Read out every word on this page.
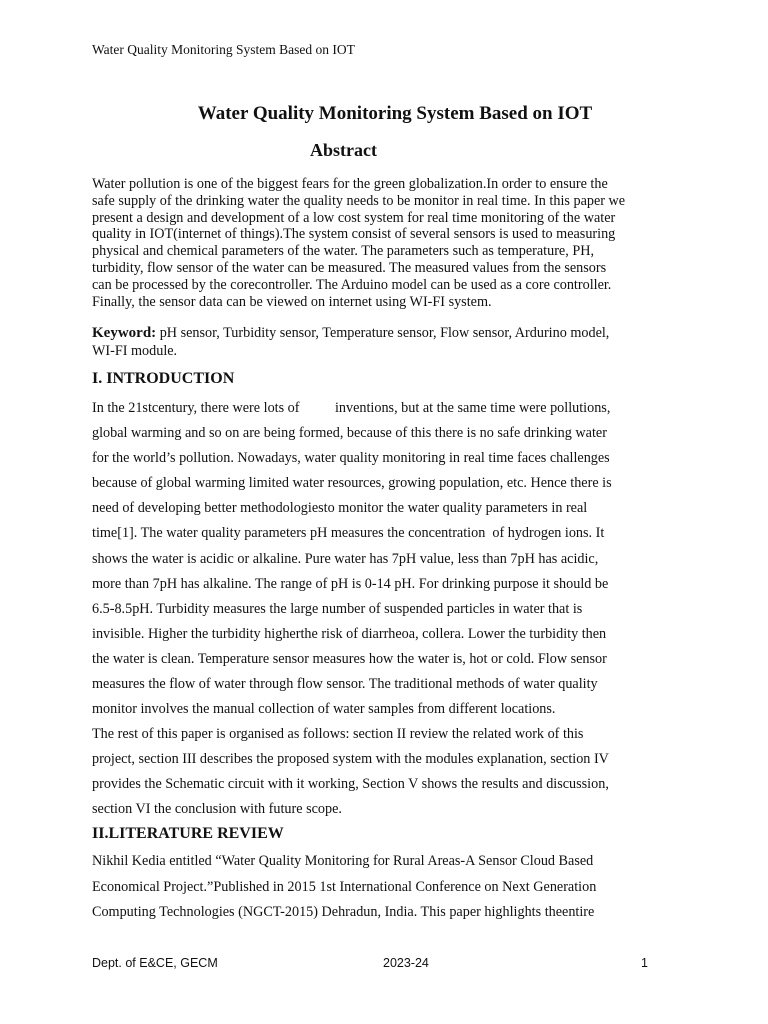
Water Quality Monitoring System Based on IOT
Water Quality Monitoring System Based on IOT
Abstract
Water pollution is one of the biggest fears for the green globalization.In order to ensure the
safe supply of the drinking water the quality needs to be monitor in real time. In this paper we
present a design and development of a low cost system for real time monitoring of the water
quality in IOT(internet of things).The system consist of several sensors is used to measuring
physical and chemical parameters of the water. The parameters such as temperature, PH,
turbidity, flow sensor of the water can be measured. The measured values from the sensors
can be processed by the corecontroller. The Arduino model can be used as a core controller.
Finally, the sensor data can be viewed on internet using WI-FI system.
Keyword: pH sensor, Turbidity sensor, Temperature sensor, Flow sensor, Ardurino model,
WI-FI module.
I. INTRODUCTION
In the 21stcentury, there were lots of          inventions, but at the same time were pollutions,
global warming and so on are being formed, because of this there is no safe drinking water
for the world’s pollution. Nowadays, water quality monitoring in real time faces challenges
because of global warming limited water resources, growing population, etc. Hence there is
need of developing better methodologiesto monitor the water quality parameters in real
time[1]. The water quality parameters pH measures the concentration  of hydrogen ions. It
shows the water is acidic or alkaline. Pure water has 7pH value, less than 7pH has acidic,
more than 7pH has alkaline. The range of pH is 0-14 pH. For drinking purpose it should be
6.5-8.5pH. Turbidity measures the large number of suspended particles in water that is
invisible. Higher the turbidity higherthe risk of diarrheoa, collera. Lower the turbidity then
the water is clean. Temperature sensor measures how the water is, hot or cold. Flow sensor
measures the flow of water through flow sensor. The traditional methods of water quality
monitor involves the manual collection of water samples from different locations.
The rest of this paper is organised as follows: section II review the related work of this
project, section III describes the proposed system with the modules explanation, section IV
provides the Schematic circuit with it working, Section V shows the results and discussion,
section VI the conclusion with future scope.
II.LITERATURE REVIEW
Nikhil Kedia entitled “Water Quality Monitoring for Rural Areas-A Sensor Cloud Based
Economical Project.”Published in 2015 1st International Conference on Next Generation
Computing Technologies (NGCT-2015) Dehradun, India. This paper highlights theentire
Dept. of E&CE, GECM	2023-24	1
